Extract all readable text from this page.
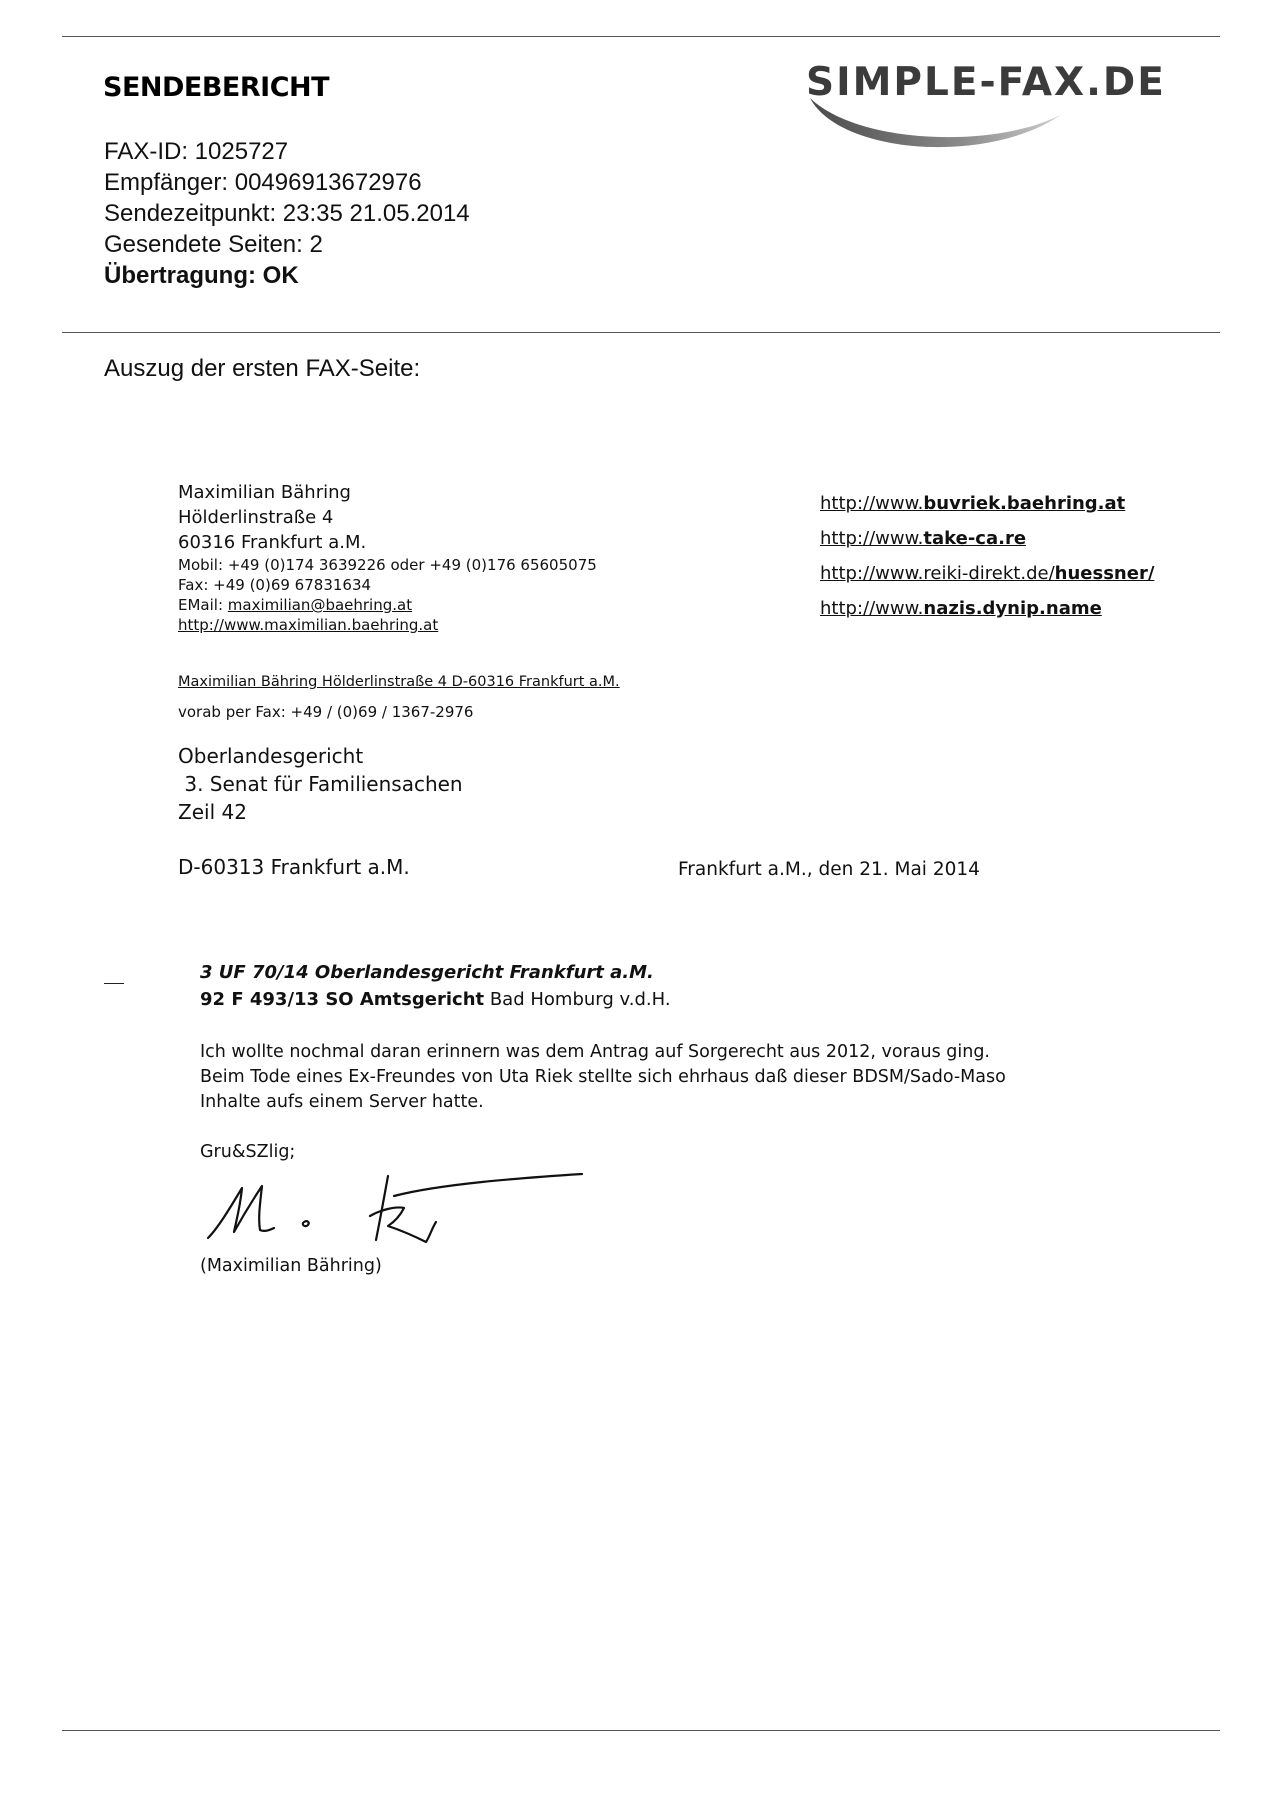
SENDEBERICHT
FAX-ID: 1025727
Empfänger: 00496913672976
Sendezeitpunkt: 23:35 21.05.2014
Gesendete Seiten: 2
Übertragung: OK
SIMPLE-FAX.DE
Auszug der ersten FAX-Seite:
Maximilian Bähring
Hölderlinstraße 4
60316 Frankfurt a.M.
Mobil: +49 (0)174 3639226 oder +49 (0)176 65605075
Fax: +49 (0)69 67831634
EMail: maximilian@baehring.at
http://www.maximilian.baehring.at
http://www.buvriek.baehring.at
http://www.take-ca.re
http://www.reiki-direkt.de/huessner/
http://www.nazis.dynip.name
Maximilian Bähring Hölderlinstraße 4 D-60316 Frankfurt a.M.
vorab per Fax: +49 / (0)69 / 1367-2976
Oberlandesgericht
3. Senat für Familiensachen
Zeil 42
D-60313 Frankfurt a.M.	Frankfurt a.M., den 21. Mai 2014
3 UF 70/14 Oberlandesgericht Frankfurt a.M.
92 F 493/13 SO Amtsgericht Bad Homburg v.d.H.
Ich wollte nochmal daran erinnern was dem Antrag auf Sorgerecht aus 2012, voraus ging.
Beim Tode eines Ex-Freundes von Uta Riek stellte sich ehrhaus daß dieser BDSM/Sado-Maso
Inhalte aufs einem Server hatte.
Gru&SZlig;
(Maximilian Bähring)
